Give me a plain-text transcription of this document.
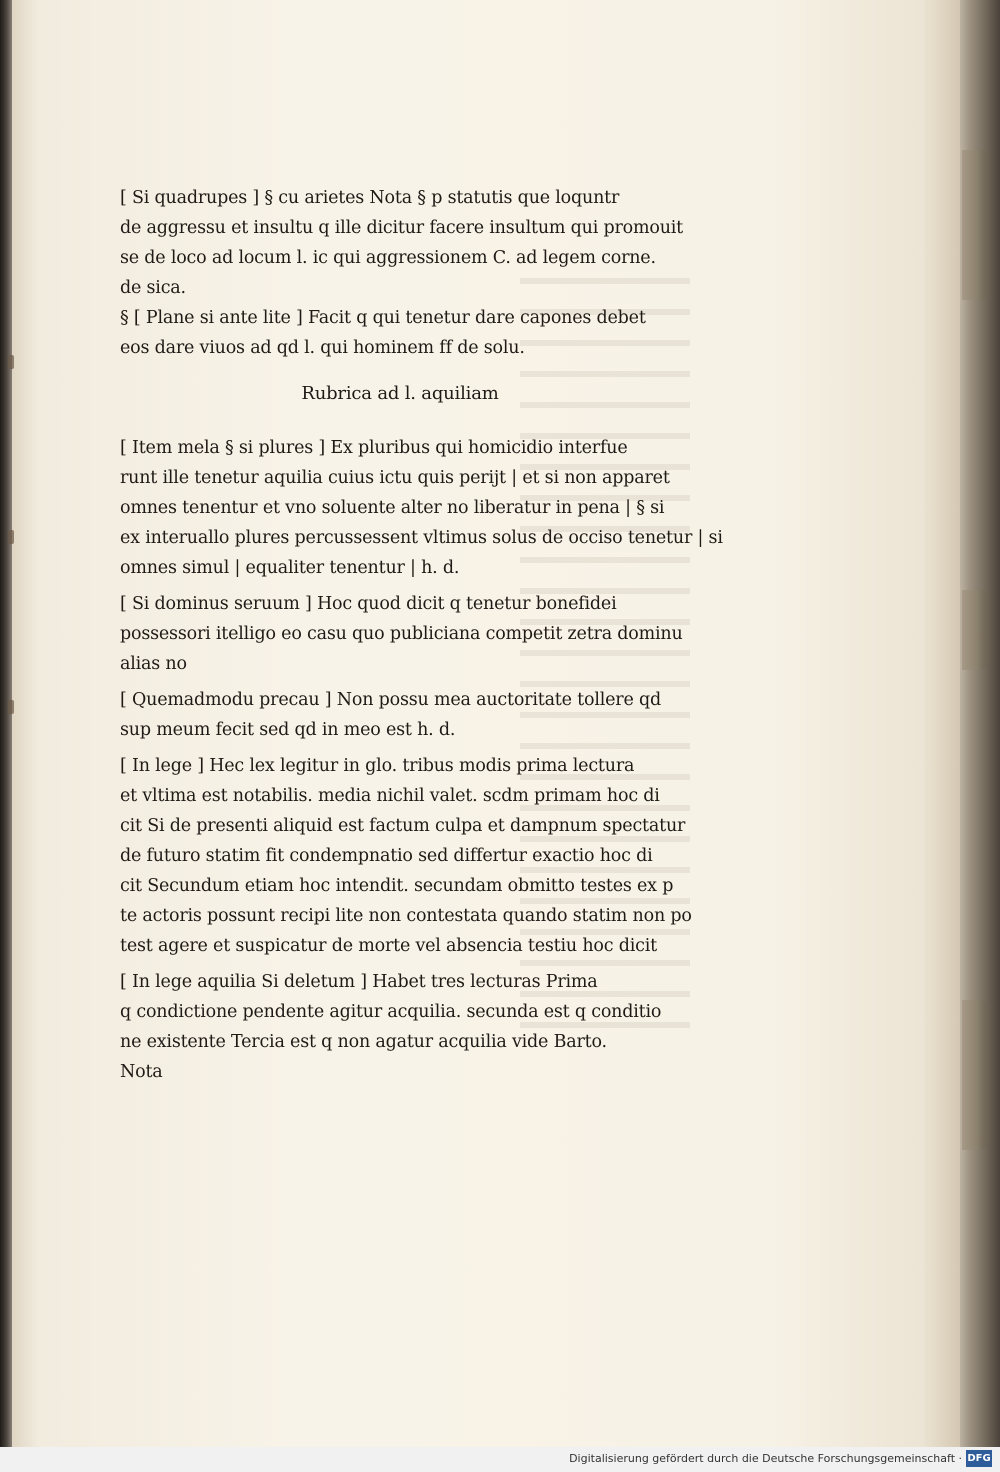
[ Si quadrupes ] § cu arietes Nota § p statutis que loquntr
de aggressu et insultu q ille dicitur facere insultum qui promouit
se de loco ad locum l. ic qui aggressionem C. ad legem corne.
de sica.
§ [ Plane si ante lite ] Facit q qui tenetur dare capones debet
eos dare viuos ad qd l. qui hominem ff de solu.
Rubrica ad l. aquiliam
[ Item mela § si plures ] Ex pluribus qui homicidio interfue
runt ille tenetur aquilia cuius ictu quis perijt | et si non apparet
omnes tenentur et vno soluente alter no liberatur in pena | § si
ex interuallo plures percussessent vltimus solus de occiso tenetur | si
omnes simul | equaliter tenentur | h. d.
[ Si dominus seruum ] Hoc quod dicit q tenetur bonefidei
possessori itelligo eo casu quo publiciana competit zetra dominu
alias no
[ Quemadmodu precau ] Non possu mea auctoritate tollere qd
sup meum fecit sed qd in meo est h. d.
[ In lege ] Hec lex legitur in glo. tribus modis prima lectura
et vltima est notabilis. media nichil valet. scdm primam hoc di
cit Si de presenti aliquid est factum culpa et dampnum spectatur
de futuro statim fit condempnatio sed differtur exactio hoc di
cit Secundum etiam hoc intendit. secundam obmitto testes ex p
te actoris possunt recipi lite non contestata quando statim non po
test agere et suspicatur de morte vel absencia testiu hoc dicit
[ In lege aquilia Si deletum ] Habet tres lecturas Prima
q condictione pendente agitur acquilia. secunda est q conditio
ne existente Tercia est q non agatur acquilia vide Barto.
Nota
Digitalisierung gefördert durch die Deutsche Forschungsgemeinschaft · DFG
